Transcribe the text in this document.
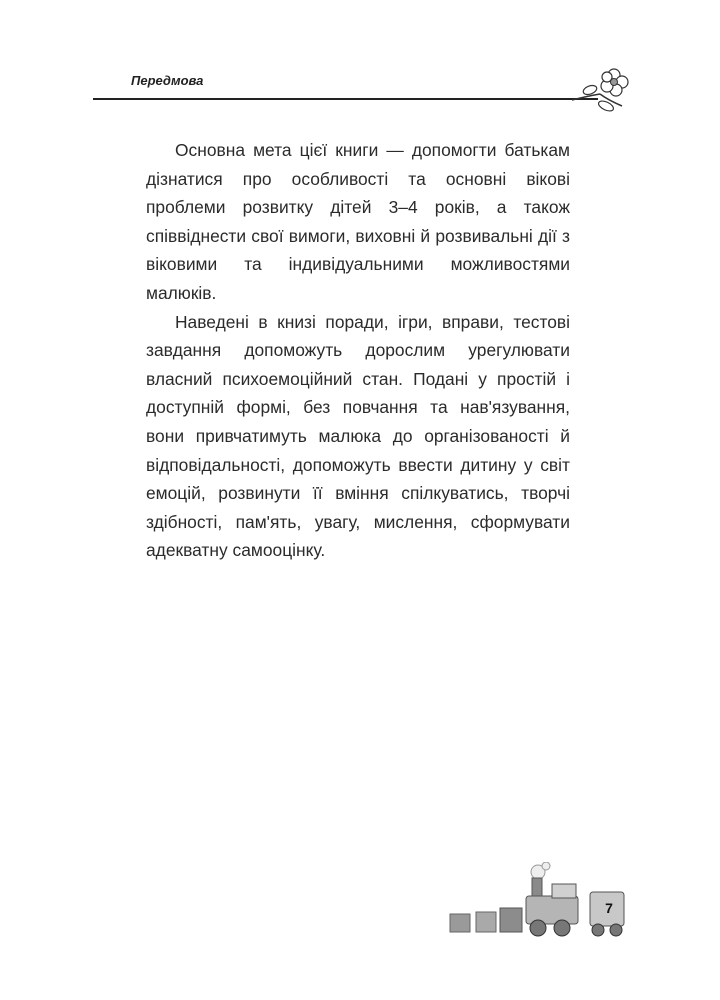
Передмова

Основна мета цієї книги — допомогти батькам дізнатися про особливості та основні вікові проблеми розвитку дітей 3–4 років, а також співвіднести свої вимоги, виховні й розвивальні дії з віковими та індивідуальними можливостями малюків.

Наведені в книзі поради, ігри, вправи, тестові завдання допоможуть дорослим урегулювати власний психоемоційний стан. Подані у простій і доступній формі, без повчання та нав'язування, вони привчатимуть малюка до організованості й відповідальності, допоможуть ввести дитину у світ емоцій, розвинути її вміння спілкуватись, творчі здібності, пам'ять, увагу, мислення, сформувати адекватну самооцінку.

7
